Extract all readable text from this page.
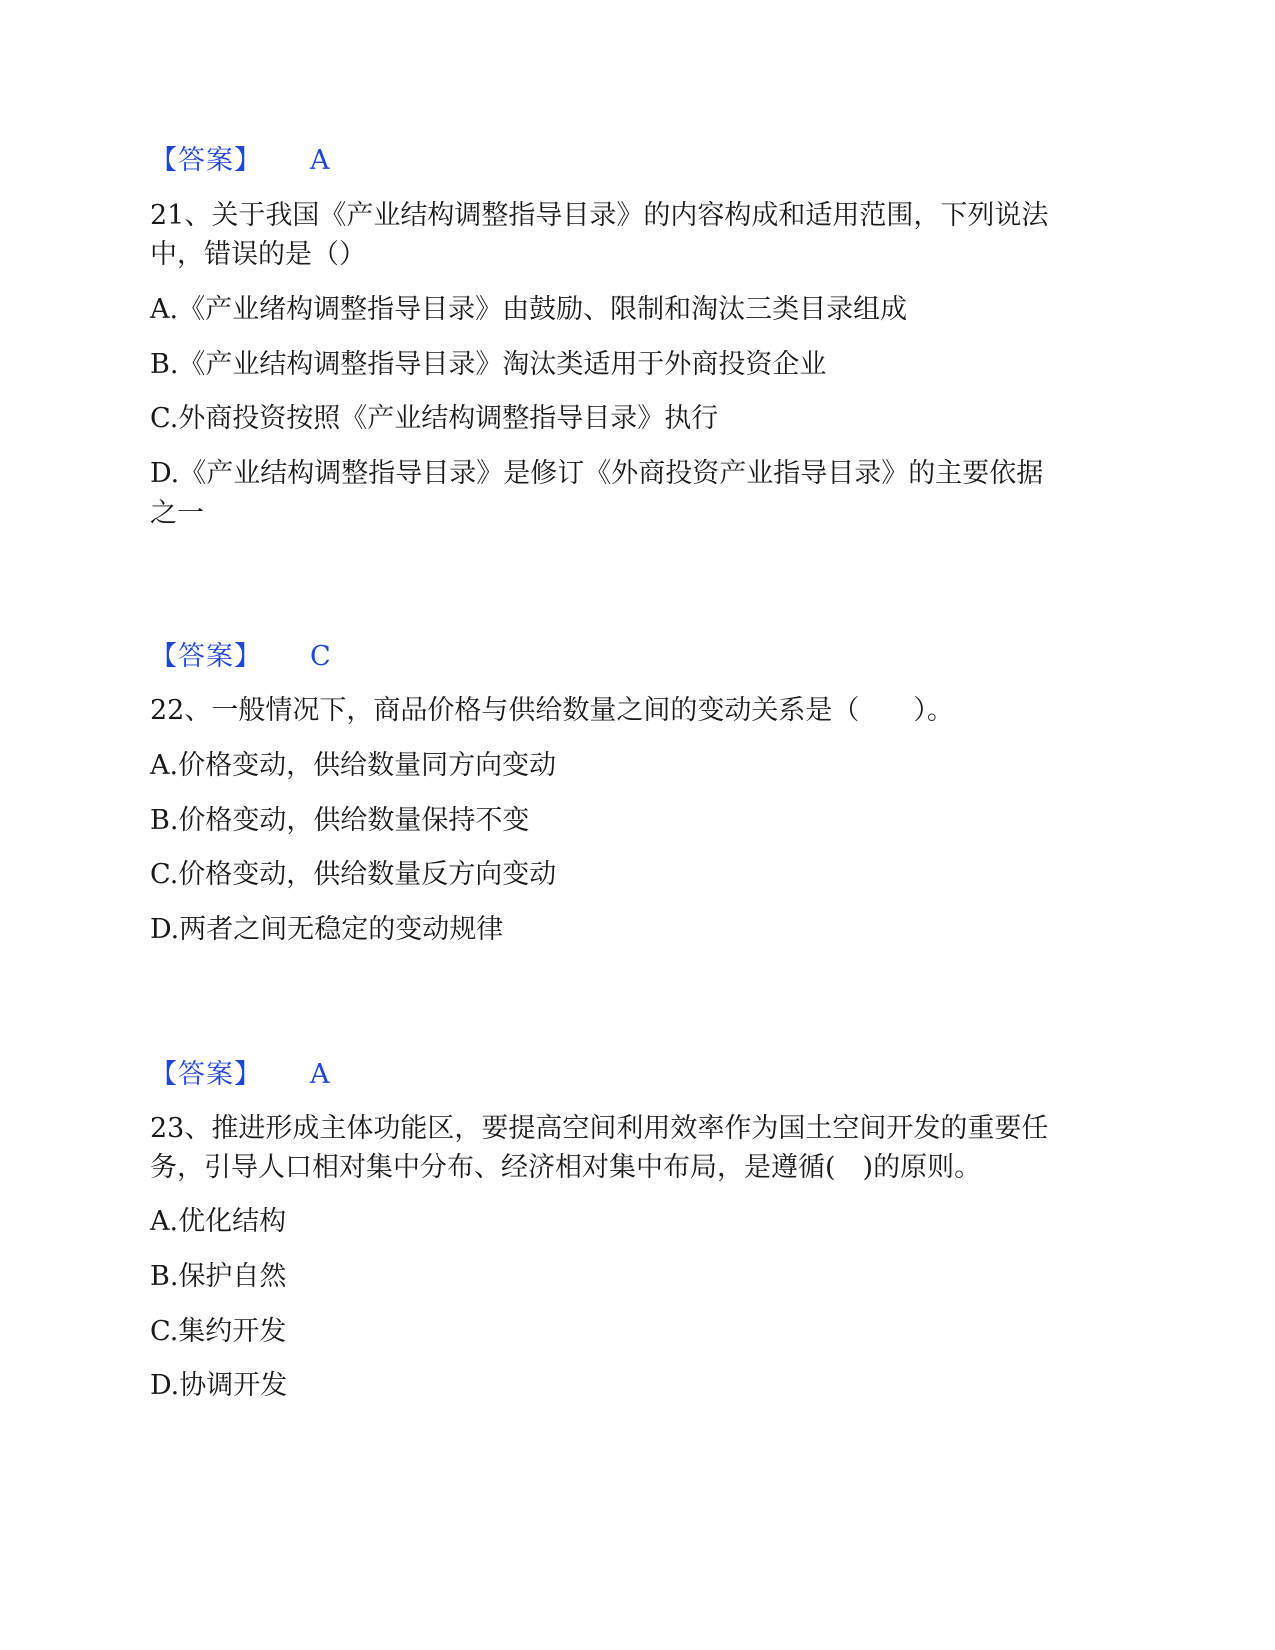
【答案】 A
21、关于我国《产业结构调整指导目录》的内容构成和适用范围，下列说法
中，错误的是（）
A.《产业绪构调整指导目录》由鼓励、限制和淘汰三类目录组成
B.《产业结构调整指导目录》淘汰类适用于外商投资企业
C.外商投资按照《产业结构调整指导目录》执行
D.《产业结构调整指导目录》是修订《外商投资产业指导目录》的主要依据
之一
【答案】 C
22、一般情况下，商品价格与供给数量之间的变动关系是（　　）。
A.价格变动，供给数量同方向变动
B.价格变动，供给数量保持不变
C.价格变动，供给数量反方向变动
D.两者之间无稳定的变动规律
【答案】 A
23、推进形成主体功能区，要提高空间利用效率作为国土空间开发的重要任
务，引导人口相对集中分布、经济相对集中布局，是遵循(　)的原则。
A.优化结构
B.保护自然
C.集约开发
D.协调开发
